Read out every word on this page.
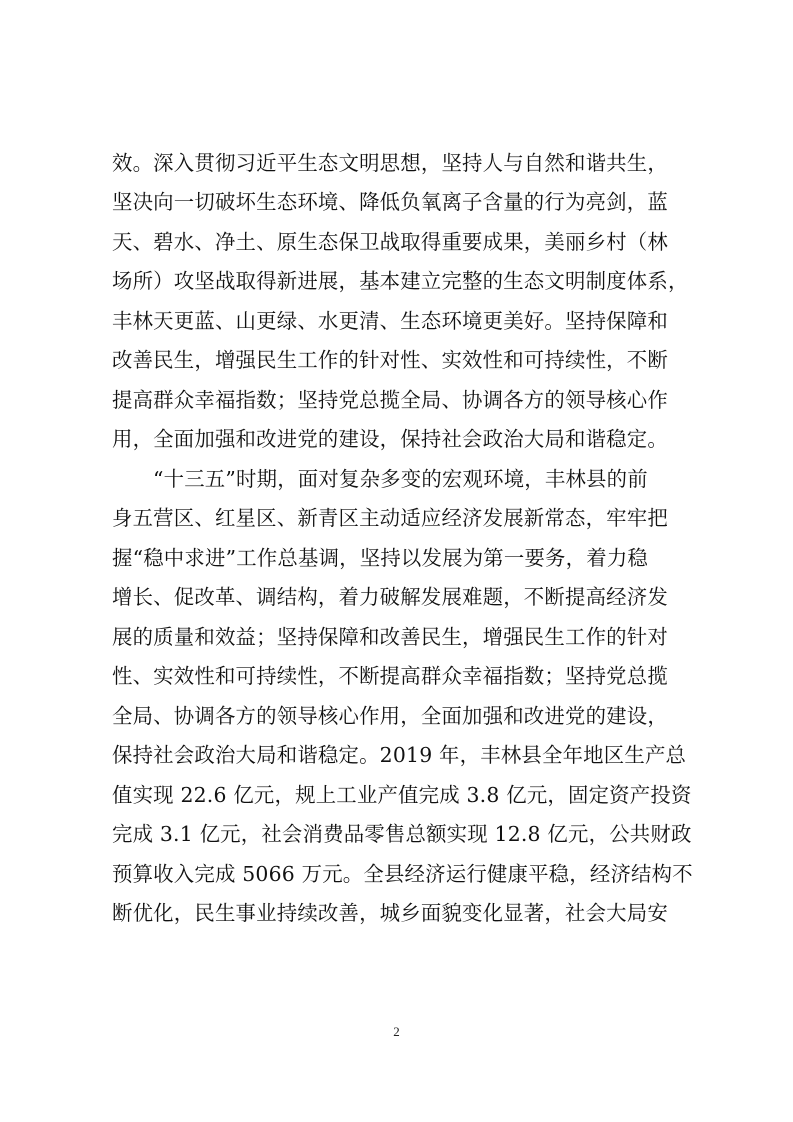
效。深入贯彻习近平生态文明思想，坚持人与自然和谐共生，
坚决向一切破坏生态环境、降低负氧离子含量的行为亮剑，蓝
天、碧水、净土、原生态保卫战取得重要成果，美丽乡村（林
场所）攻坚战取得新进展，基本建立完整的生态文明制度体系，
丰林天更蓝、山更绿、水更清、生态环境更美好。坚持保障和
改善民生，增强民生工作的针对性、实效性和可持续性，不断
提高群众幸福指数；坚持党总揽全局、协调各方的领导核心作
用，全面加强和改进党的建设，保持社会政治大局和谐稳定。
“十三五”时期，面对复杂多变的宏观环境，丰林县的前
身五营区、红星区、新青区主动适应经济发展新常态，牢牢把
握“稳中求进”工作总基调，坚持以发展为第一要务，着力稳
增长、促改革、调结构，着力破解发展难题，不断提高经济发
展的质量和效益；坚持保障和改善民生，增强民生工作的针对
性、实效性和可持续性，不断提高群众幸福指数；坚持党总揽
全局、协调各方的领导核心作用，全面加强和改进党的建设，
保持社会政治大局和谐稳定。2019 年，丰林县全年地区生产总
值实现 22.6 亿元，规上工业产值完成 3.8 亿元，固定资产投资
完成 3.1 亿元，社会消费品零售总额实现 12.8 亿元，公共财政
预算收入完成 5066 万元。全县经济运行健康平稳，经济结构不
断优化，民生事业持续改善，城乡面貌变化显著，社会大局安
2
